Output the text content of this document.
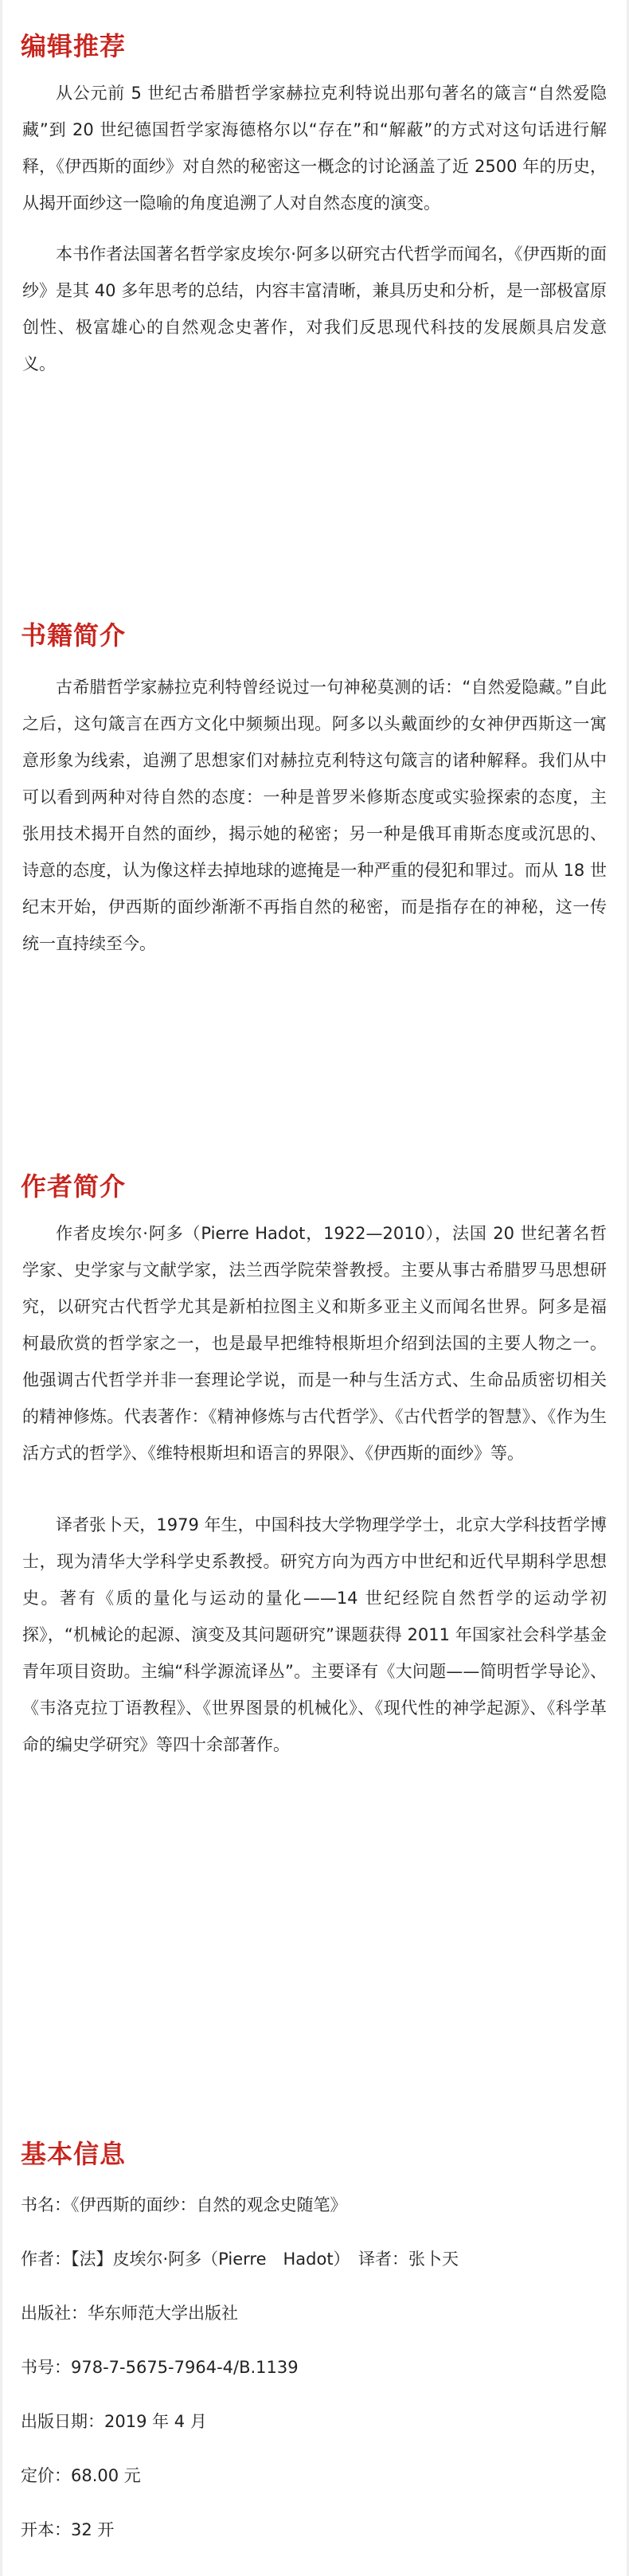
编辑推荐

从公元前 5 世纪古希腊哲学家赫拉克利特说出那句著名的箴言“自然爱隐藏”到 20 世纪德国哲学家海德格尔以“存在”和“解蔽”的方式对这句话进行解释，《伊西斯的面纱》对自然的秘密这一概念的讨论涵盖了近 2500 年的历史，从揭开面纱这一隐喻的角度追溯了人对自然态度的演变。

本书作者法国著名哲学家皮埃尔·阿多以研究古代哲学而闻名，《伊西斯的面纱》是其 40 多年思考的总结，内容丰富清晰，兼具历史和分析，是一部极富原创性、极富雄心的自然观念史著作，对我们反思现代科技的发展颇具启发意义。

书籍简介

古希腊哲学家赫拉克利特曾经说过一句神秘莫测的话：“自然爱隐藏。”自此之后，这句箴言在西方文化中频频出现。阿多以头戴面纱的女神伊西斯这一寓意形象为线索，追溯了思想家们对赫拉克利特这句箴言的诸种解释。我们从中可以看到两种对待自然的态度：一种是普罗米修斯态度或实验探索的态度，主张用技术揭开自然的面纱，揭示她的秘密；另一种是俄耳甫斯态度或沉思的、诗意的态度，认为像这样去掉地球的遮掩是一种严重的侵犯和罪过。而从 18 世纪末开始，伊西斯的面纱渐渐不再指自然的秘密，而是指存在的神秘，这一传统一直持续至今。

作者简介

作者皮埃尔·阿多（Pierre Hadot，1922—2010），法国 20 世纪著名哲学家、史学家与文献学家，法兰西学院荣誉教授。主要从事古希腊罗马思想研究，以研究古代哲学尤其是新柏拉图主义和斯多亚主义而闻名世界。阿多是福柯最欣赏的哲学家之一，也是最早把维特根斯坦介绍到法国的主要人物之一。他强调古代哲学并非一套理论学说，而是一种与生活方式、生命品质密切相关的精神修炼。代表著作：《精神修炼与古代哲学》、《古代哲学的智慧》、《作为生活方式的哲学》、《维特根斯坦和语言的界限》、《伊西斯的面纱》等。

译者张卜天，1979 年生，中国科技大学物理学学士，北京大学科技哲学博士，现为清华大学科学史系教授。研究方向为西方中世纪和近代早期科学思想史。著有《质的量化与运动的量化——14 世纪经院自然哲学的运动学初探》，“机械论的起源、演变及其问题研究”课题获得 2011 年国家社会科学基金青年项目资助。主编“科学源流译丛”。主要译有《大问题——简明哲学导论》、《韦洛克拉丁语教程》、《世界图景的机械化》、《现代性的神学起源》、《科学革命的编史学研究》等四十余部著作。

基本信息

书名：《伊西斯的面纱：自然的观念史随笔》

作者：【法】皮埃尔·阿多（Pierre　Hadot）　译者：张卜天

出版社：华东师范大学出版社

书号：978-7-5675-7964-4/B.1139

出版日期：2019 年 4 月

定价：68.00 元

开本：32 开
